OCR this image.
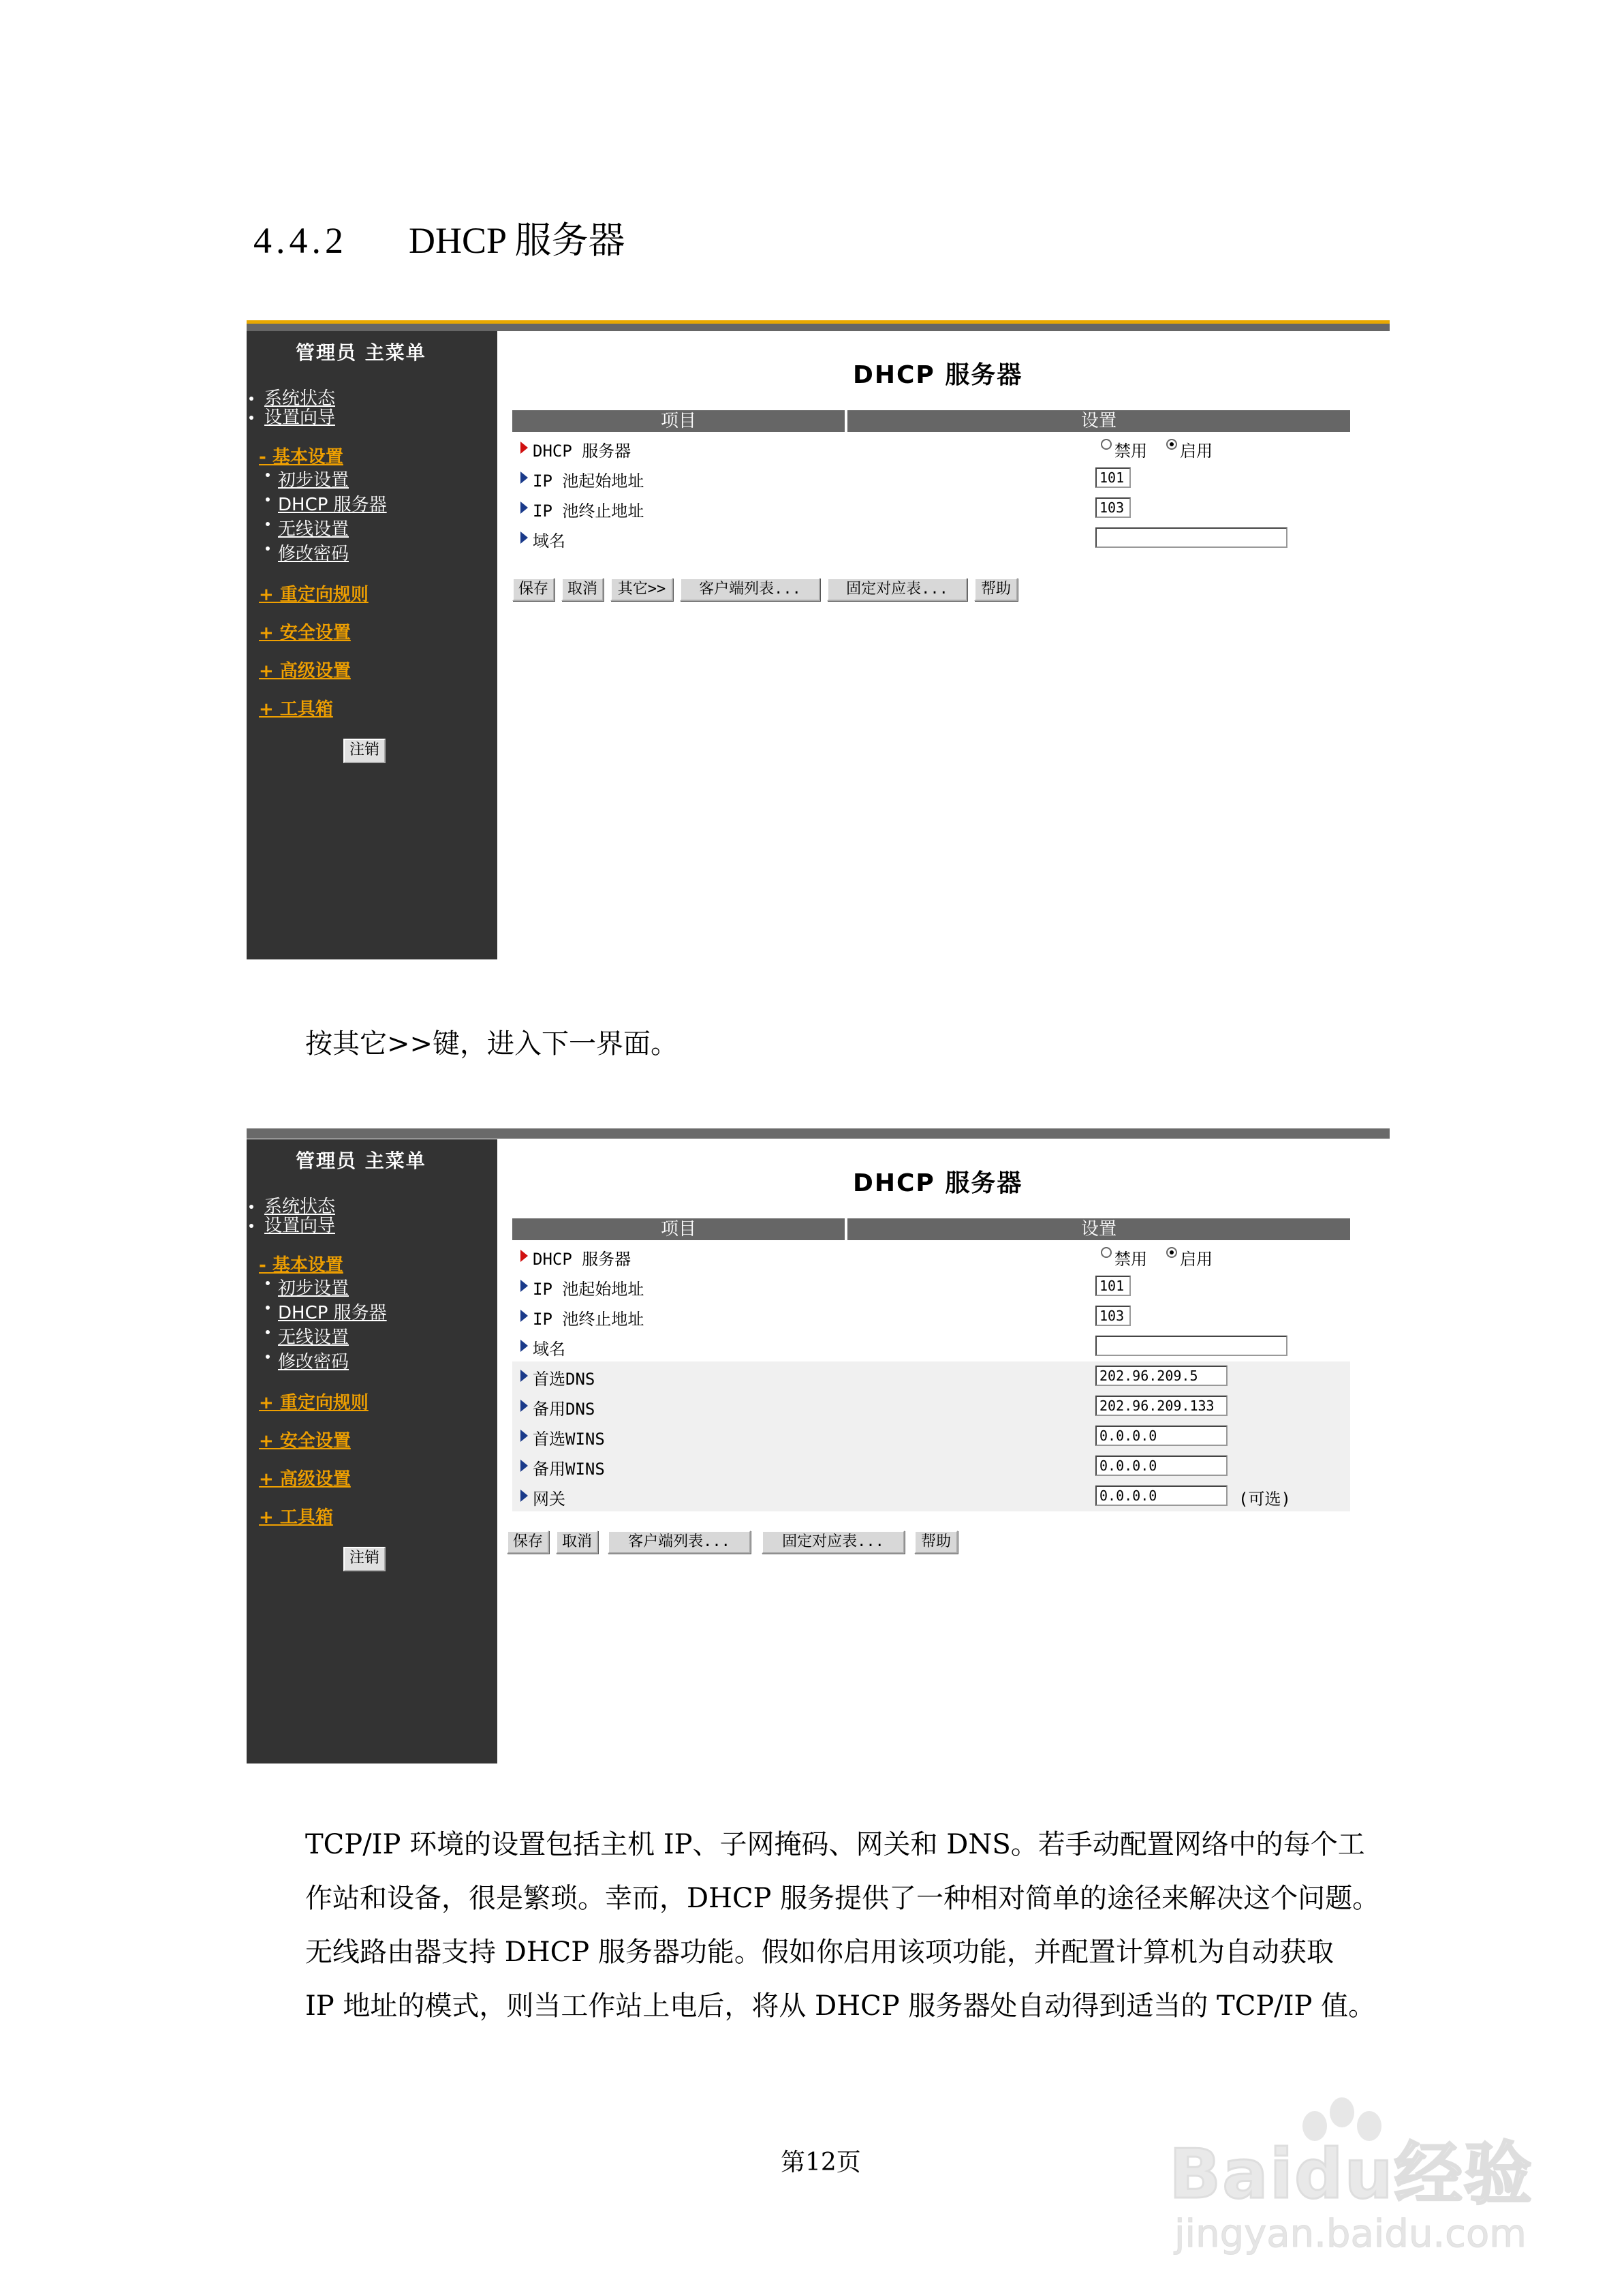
4.4.2 DHCP 服务器
管理员 主菜单
系统状态
设置向导
- 基本设置
初步设置
DHCP 服务器
无线设置
修改密码
+ 重定向规则
+ 安全设置
+ 高级设置
+ 工具箱
注销
DHCP 服务器
项目	设置
DHCP 服务器	禁用 启用
IP 池起始地址	101
IP 池终止地址	103
域名
保存	取消	其它>>	客户端列表...	固定对应表...	帮助
按其它>>键，进入下一界面。
管理员 主菜单
系统状态
设置向导
- 基本设置
初步设置
DHCP 服务器
无线设置
修改密码
+ 重定向规则
+ 安全设置
+ 高级设置
+ 工具箱
注销
DHCP 服务器
项目	设置
DHCP 服务器	禁用 启用
IP 池起始地址	101
IP 池终止地址	103
域名
首选DNS	202.96.209.5
备用DNS	202.96.209.133
首选WINS	0.0.0.0
备用WINS	0.0.0.0
网关	0.0.0.0	(可选)
保存	取消	客户端列表...	固定对应表...	帮助

TCP/IP 环境的设置包括主机 IP、子网掩码、网关和 DNS。若手动配置网络中的每个工

作站和设备，很是繁琐。幸而，DHCP 服务提供了一种相对简单的途径来解决这个问题。

无线路由器支持 DHCP 服务器功能。假如你启用该项功能，并配置计算机为自动获取

IP 地址的模式，则当工作站上电后，将从 DHCP 服务器处自动得到适当的 TCP/IP 值。

第12页	Baidu经验
jingyan.baidu.com
